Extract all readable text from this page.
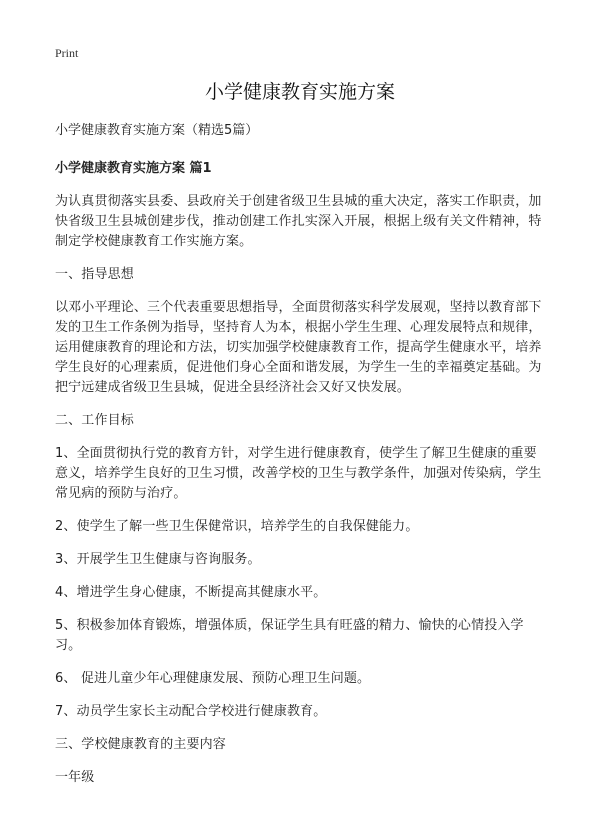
Print
小学健康教育实施方案
小学健康教育实施方案（精选5篇）
小学健康教育实施方案 篇1

为认真贯彻落实县委、县政府关于创建省级卫生县城的重大决定，落实工作职责，加快省级卫生县城创建步伐，推动创建工作扎实深入开展，根据上级有关文件精神，特制定学校健康教育工作实施方案。

一、指导思想

以邓小平理论、三个代表重要思想指导，全面贯彻落实科学发展观，坚持以教育部下发的卫生工作条例为指导，坚持育人为本，根据小学生生理、心理发展特点和规律，运用健康教育的理论和方法，切实加强学校健康教育工作，提高学生健康水平，培养学生良好的心理素质，促进他们身心全面和谐发展，为学生一生的幸福奠定基础。为把宁远建成省级卫生县城，促进全县经济社会又好又快发展。

二、工作目标

1、全面贯彻执行党的教育方针，对学生进行健康教育，使学生了解卫生健康的重要意义，培养学生良好的卫生习惯，改善学校的卫生与教学条件，加强对传染病，学生常见病的预防与治疗。

2、使学生了解一些卫生保健常识，培养学生的自我保健能力。

3、开展学生卫生健康与咨询服务。

4、增进学生身心健康，不断提高其健康水平。

5、积极参加体育锻炼，增强体质，保证学生具有旺盛的精力、愉快的心情投入学习。

6、 促进儿童少年心理健康发展、预防心理卫生问题。

7、动员学生家长主动配合学校进行健康教育。

三、学校健康教育的主要内容

一年级
